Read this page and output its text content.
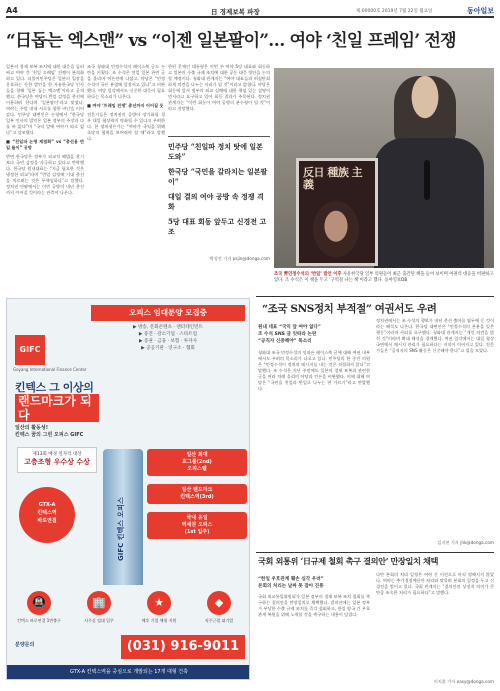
A4	日 경제보복 파장	제 00000호 2019년 7월 22일 월요일	동아일보
“日돕는 엑스맨” vs “이젠 일본팔이”… 여야 ‘친일 프레임’ 전쟁

일본의 경제 보복 조치에 대한 대응을 둘러싸고 여야 간 ‘친일 프레임’ 전쟁이 본격화하고 있다. 더불어민주당은 일본의 입장을 옹호하는 듯한 발언을 한 자유한국당 인사들을 향해 ‘일본 돕는 엑스맨’이라고 공격했고, 한국당은 여당이 반일 감정을 총선에 이용하려 한다며 ‘일본팔이’라고 맞섰다. 여야는 주말 내내 서로를 향한 비난을 이어갔다. 민주당 대변인은 논평에서 “한국당 일부 인사의 발언은 일본 정부의 주장과 다를 바 없다”며 “국익 앞에 여야가 따로 없다”고 강조했다.

■ “친일파 논쟁 재점화” vs “총선용 반일 몰이” 공방

반면 한국당은 정부가 외교적 해법을 찾기보다 국민 감정을 자극하고 있다고 반박했다. 한국당 원내대표는 “지금 필요한 것은 냉정한 외교”라며 “반일 감정에 기대 총선을 치르려는 것은 무책임하다”고 말했다. 정치권 안팎에서는 이번 공방이 내년 총선까지 이어질 것이라는 관측이 나온다.

조국 청와대 민정수석의 페이스북 글도 논란을 키웠다. 조 수석은 연일 일본 관련 글을 올리며 여론전에 나섰고, 야당은 “민정수석이 국론 분열에 앞장서고 있다”고 비판했다. 여당 일각에서도 신중한 대응이 필요하다는 목소리가 나온다.

■ 여야 ‘프레임 전쟁’ 총선까지 이어질 듯

전문가들은 정치권의 공방이 장기화될 경우 대일 협상력이 약화될 수 있다고 우려한다. 한 정치평론가는 “여야가 국익을 위해 초당적 협력을 보여줘야 할 때”라고 말했다.

한편 문재인 대통령은 이번 주 여야 5당 대표와 회동하고 일본의 수출 규제 조치에 대한 공동 대응 방안을 논의할 예정이다. 청와대 관계자는 “여야 대표들과 허심탄회하게 의견을 나누는 자리가 될 것”이라고 밝혔다. 야당은 회동에 앞서 정부의 외교 실패에 대한 책임 있는 설명이 먼저라고 요구하고 있어 회동 결과가 주목된다. 정치권 관계자는 “이번 회동이 여야 공방의 분수령이 될 것”이라고 전망했다.

민주당 “친일파 정치 탓에 일본 도와”
한국당 “국민을 갈라치는 일본팔이”
대일 결의 여야 공방 속 정쟁 격화
5당 대표 회동 앞두고 신경전 고조

박성진 기자 psjin@donga.com

反日 種族 主義
조국 靑민정수석의 ‘반일’ 발언 이후 자유한국당 일부 의원들이 최근 출간된 책을 들어 보이며 여권의 대응을 비판하고 있다. 조 수석은 이 책을 두고 ‘구역질 나는 책’이라고 했다. 동아일보DB
오피스 임대분양 모집중
▶ 방송, 문화콘텐츠 · 엔터테인먼트
▶ 중견 · 강소기업 · 스타트업
▶ 증권 · 금융 · 보험 · 투자사
▶ 공공기관 · 연구소 · 협회
GIFC
Goyang International Finance Center
킨텍스 그 이상의
랜드마크가 되다
일산의 활동성!
킨텍스 꿈의 그린 오피스 GIFC
제13회 매경 일자리 대상
고층조형 우수상 수상
GTX-A
킨텍스역
바로연결	GIFC 킨텍스 오피스
일산 최대
호그룹(2nd)
오피스텔
일산 랜드마크
킨텍스역(3rd)
국내 유일
역세권 오피스
(1st 입주)
🚇
킨텍스 바로연결 1번출구
🏢
사무실 임대 입주
★
배후 기업 체험 지원
◆
직주근접 대기업
분양문의	(031) 916-9011
GTX-A 킨텍스역을 중심으로 개발되는 17개 대형 건축
“조국 SNS정치 부적절” 여권서도 우려
원내 대표 “국익 앞 여야 없다”
조 수석 SNS 글 잇따라 논란
“공직자 신중해야” 목소리

청와대 조국 민정수석의 잇따른 페이스북 글에 대해 여권 내부에서도 우려의 목소리가 나오고 있다. 민주당의 한 중진 의원은 “민정수석이 정치적 메시지를 내는 것은 적절하지 않다”고 말했다. 조 수석은 지난 주말에도 일본의 경제 보복과 관련한 글을 여러 차례 올리며 야당과 언론을 비판했다. 이에 대해 야당은 “국민을 친일과 반일로 나누는 편 가르기”라고 반발했다.

정치권에서는 조 수석의 행보가 내년 총선 출마를 염두에 둔 것이라는 해석도 나온다. 한국당 대변인은 “민정수석의 본분을 잊은 행동”이라며 사퇴를 요구했다. 청와대 관계자는 “개인 의견을 밝힌 것”이라며 확대 해석을 경계했다. 여권 일각에서는 대일 협상 국면에서 메시지 관리가 필요하다는 지적이 이어지고 있다. 전문가들은 “공직자의 SNS 활동은 신중해야 한다”고 입을 모았다.

김지현 기자 jhk@donga.com
국회 외통위 ‘日규제 철회 촉구 결의안’ 만장일치 채택
“한일 우호관계 훼손 심각 우려”
본회의 처리는 날짜 못 잡아 진통

국회 외교통일위원회가 일본 정부의 경제 보복 조치 철회를 촉구하는 결의안을 만장일치로 채택했다. 결의안에는 일본 정부가 부당한 수출 규제 조치를 즉각 철회하고, 한일 양국 간 우호 관계 복원을 위해 노력할 것을 촉구하는 내용이 담겼다.

다만 본회의 처리 일정은 여야 간 이견으로 아직 정해지지 않았다. 여야는 추가경정예산안 처리와 맞물려 본회의 일정을 두고 신경전을 벌이고 있다. 국회 관계자는 “결의안의 상징적 의미가 큰 만큼 조속한 처리가 필요하다”고 말했다.

이지훈 기자 easy@donga.com
